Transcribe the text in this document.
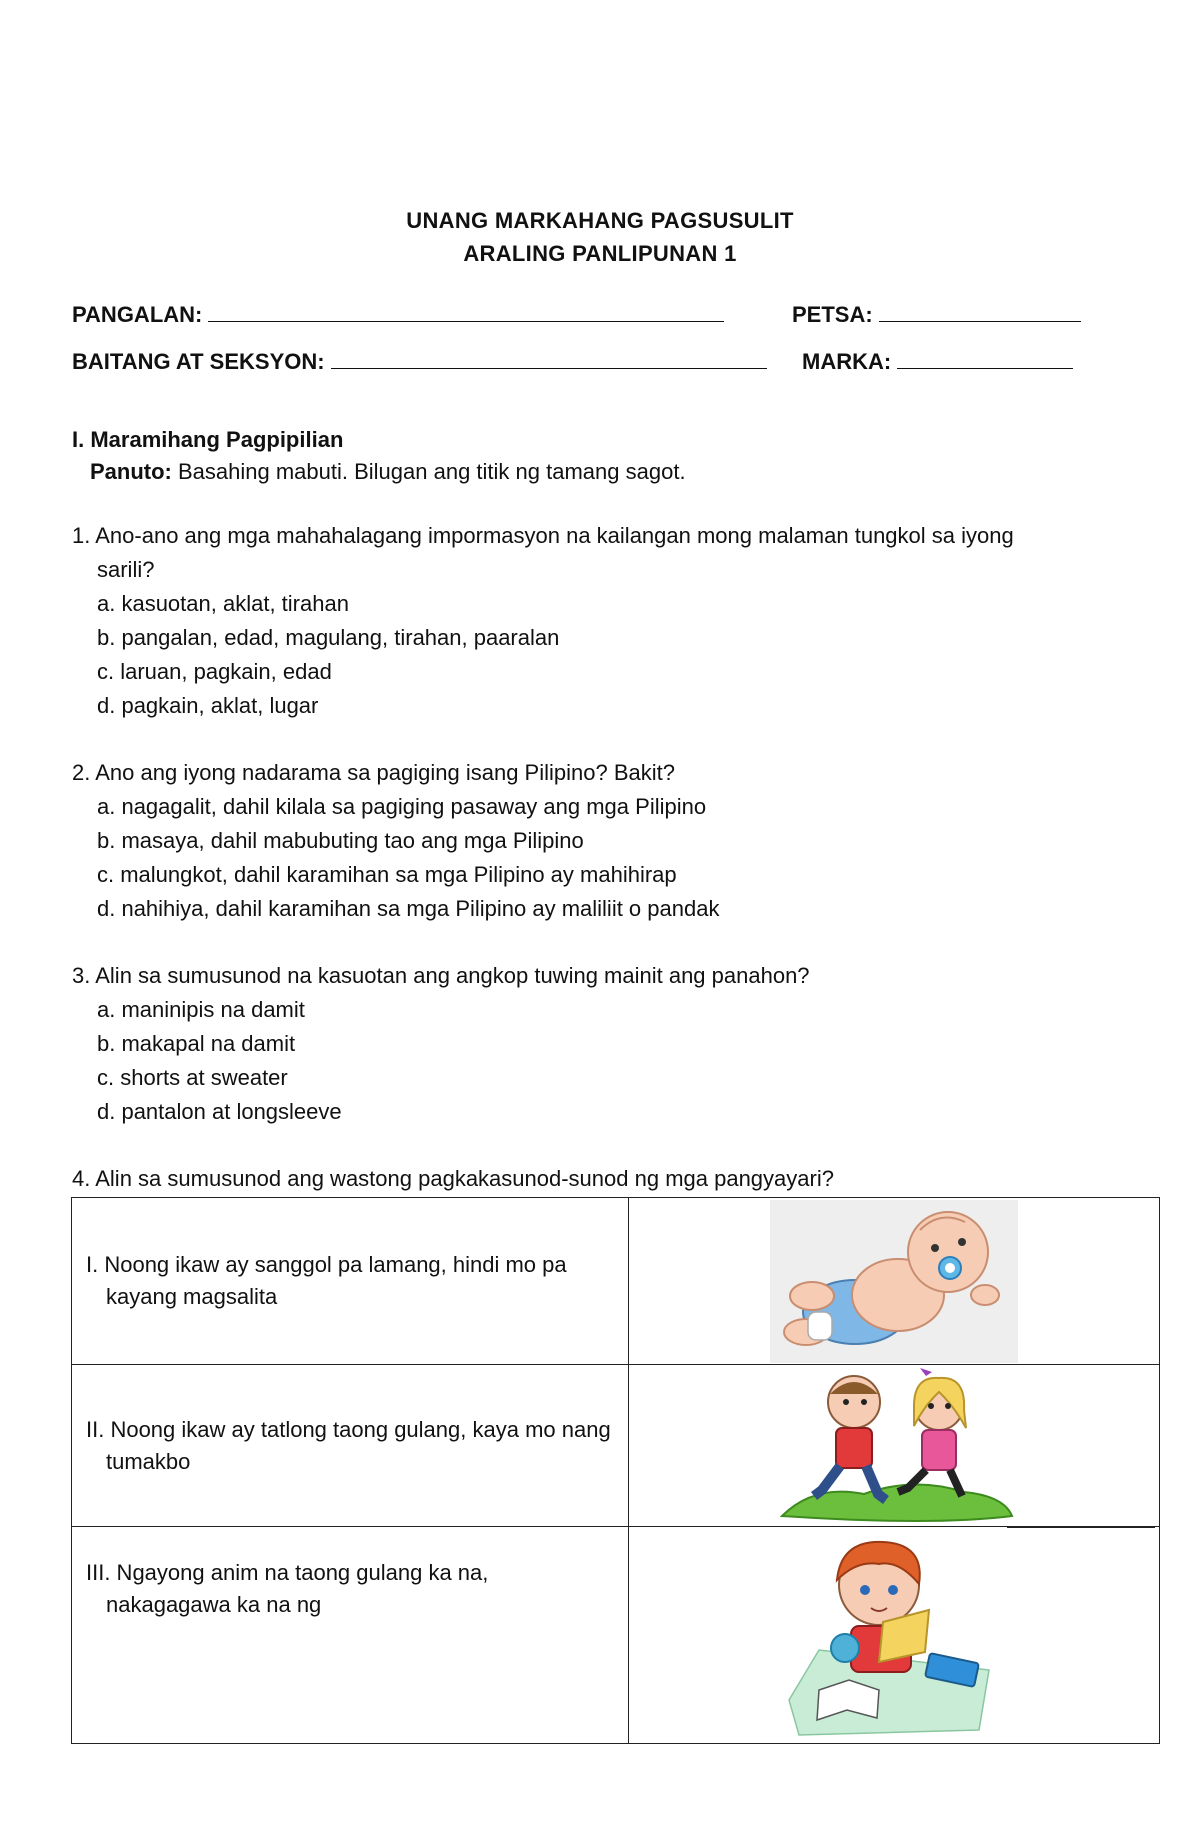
UNANG MARKAHANG PAGSUSULIT
ARALING PANLIPUNAN 1
PANGALAN:	PETSA:
BAITANG AT SEKSYON:	MARKA:
I. Maramihang Pagpipilian
Panuto: Basahing mabuti. Bilugan ang titik ng tamang sagot.
1. Ano-ano ang mga mahahalagang impormasyon na kailangan mong malaman tungkol sa iyong sarili?
a. kasuotan, aklat, tirahan
b. pangalan, edad, magulang, tirahan, paaralan
c. laruan, pagkain, edad
d. pagkain, aklat, lugar
2. Ano ang iyong nadarama sa pagiging isang Pilipino? Bakit?
a. nagagalit, dahil kilala sa pagiging pasaway ang mga Pilipino
b. masaya, dahil mabubuting tao ang mga Pilipino
c. malungkot, dahil karamihan sa mga Pilipino ay mahihirap
d. nahihiya, dahil karamihan sa mga Pilipino ay maliliit o pandak
3. Alin sa sumusunod na kasuotan ang angkop tuwing mainit ang panahon?
a. maninipis na damit
b. makapal na damit
c. shorts at sweater
d. pantalon at longsleeve
4. Alin sa sumusunod ang wastong pagkakasunod-sunod ng mga pangyayari?
I. Noong ikaw ay sanggol pa lamang, hindi mo pa kayang magsalita

II. Noong ikaw ay tatlong taong gulang, kaya mo nang tumakbo

III. Ngayong anim na taong gulang ka na, nakagagawa ka na ng
